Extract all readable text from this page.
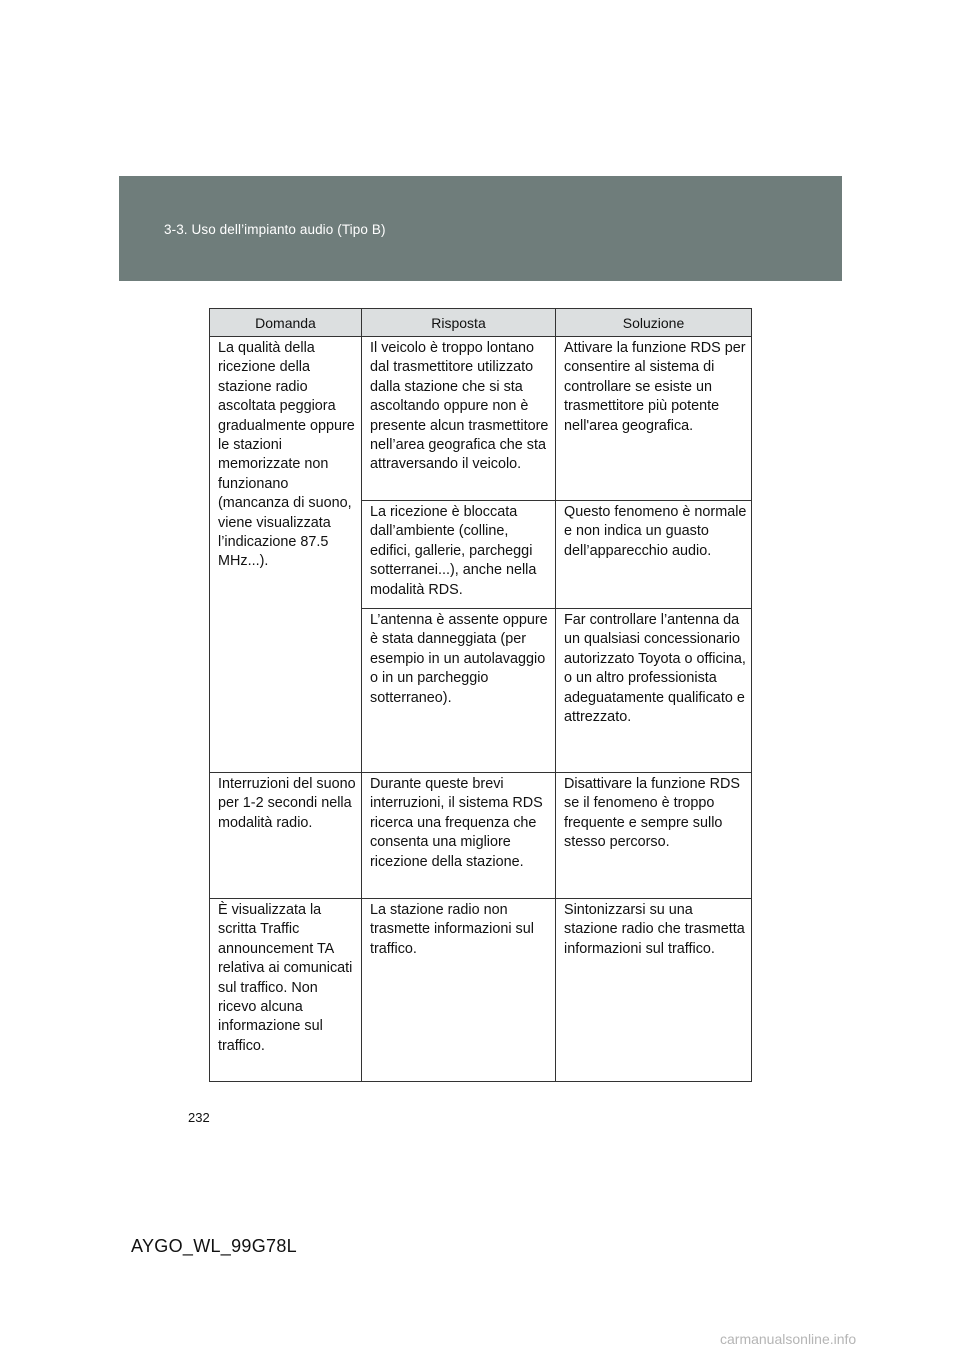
3-3. Uso dell’impianto audio (Tipo B)
Domanda	Risposta	Soluzione
La qualità della ricezione della stazione radio ascoltata peggiora gradualmente oppure le stazioni memorizzate non funzionano (mancanza di suono, viene visualizzata l’indicazione 87.5 MHz...).	Il veicolo è troppo lontano dal trasmettitore utilizzato dalla stazione che si sta ascoltando oppure non è presente alcun trasmettitore nell’area geografica che sta attraversando il veicolo.	Attivare la funzione RDS per consentire al sistema di controllare se esiste un trasmettitore più potente nell'area geografica.
	La ricezione è bloccata dall’ambiente (colline, edifici, gallerie, parcheggi sotterranei...), anche nella modalità RDS.	Questo fenomeno è normale e non indica un guasto dell’apparecchio audio.
	L’antenna è assente oppure è stata danneggiata (per esempio in un autolavaggio o in un parcheggio sotterraneo).	Far controllare l’antenna da un qualsiasi concessionario autorizzato Toyota o officina, o un altro professionista adeguatamente qualificato e attrezzato.
Interruzioni del suono per 1-2 secondi nella modalità radio.	Durante queste brevi interruzioni, il sistema RDS ricerca una frequenza che consenta una migliore ricezione della stazione.	Disattivare la funzione RDS se il fenomeno è troppo frequente e sempre sullo stesso percorso.
È visualizzata la scritta Traffic announcement TA relativa ai comunicati sul traffico. Non ricevo alcuna informazione sul traffico.	La stazione radio non trasmette informazioni sul traffico.	Sintonizzarsi su una stazione radio che trasmetta informazioni sul traffico.
232
AYGO_WL_99G78L
carmanualsonline.info
